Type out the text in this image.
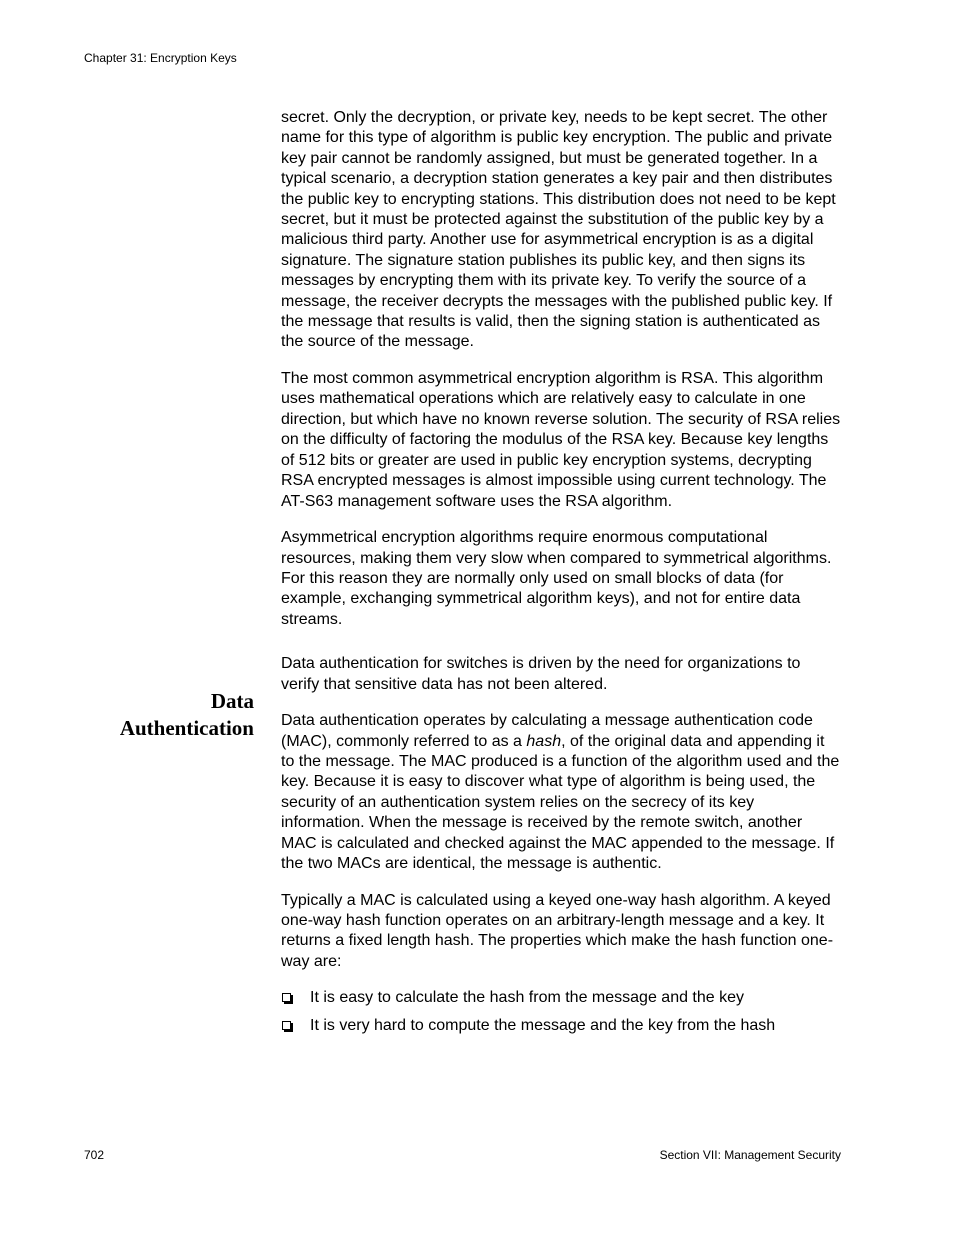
Chapter 31: Encryption Keys

secret. Only the decryption, or private key, needs to be kept secret. The other name for this type of algorithm is public key encryption. The public and private key pair cannot be randomly assigned, but must be generated together. In a typical scenario, a decryption station generates a key pair and then distributes the public key to encrypting stations. This distribution does not need to be kept secret, but it must be protected against the substitution of the public key by a malicious third party. Another use for asymmetrical encryption is as a digital signature. The signature station publishes its public key, and then signs its messages by encrypting them with its private key. To verify the source of a message, the receiver decrypts the messages with the published public key. If the message that results is valid, then the signing station is authenticated as the source of the message.

The most common asymmetrical encryption algorithm is RSA. This algorithm uses mathematical operations which are relatively easy to calculate in one direction, but which have no known reverse solution. The security of RSA relies on the difficulty of factoring the modulus of the RSA key. Because key lengths of 512 bits or greater are used in public key encryption systems, decrypting RSA encrypted messages is almost impossible using current technology. The AT-S63 management software uses the RSA algorithm.

Asymmetrical encryption algorithms require enormous computational resources, making them very slow when compared to symmetrical algorithms. For this reason they are normally only used on small blocks of data (for example, exchanging symmetrical algorithm keys), and not for entire data streams.

Data authentication for switches is driven by the need for organizations to verify that sensitive data has not been altered.

Data authentication operates by calculating a message authentication code (MAC), commonly referred to as a hash, of the original data and appending it to the message. The MAC produced is a function of the algorithm used and the key. Because it is easy to discover what type of algorithm is being used, the security of an authentication system relies on the secrecy of its key information. When the message is received by the remote switch, another MAC is calculated and checked against the MAC appended to the message. If the two MACs are identical, the message is authentic.

Typically a MAC is calculated using a keyed one-way hash algorithm. A keyed one-way hash function operates on an arbitrary-length message and a key. It returns a fixed length hash. The properties which make the hash function one-way are:

It is easy to calculate the hash from the message and the key
It is very hard to compute the message and the key from the hash
Data
Authentication
702	Section VII: Management Security
